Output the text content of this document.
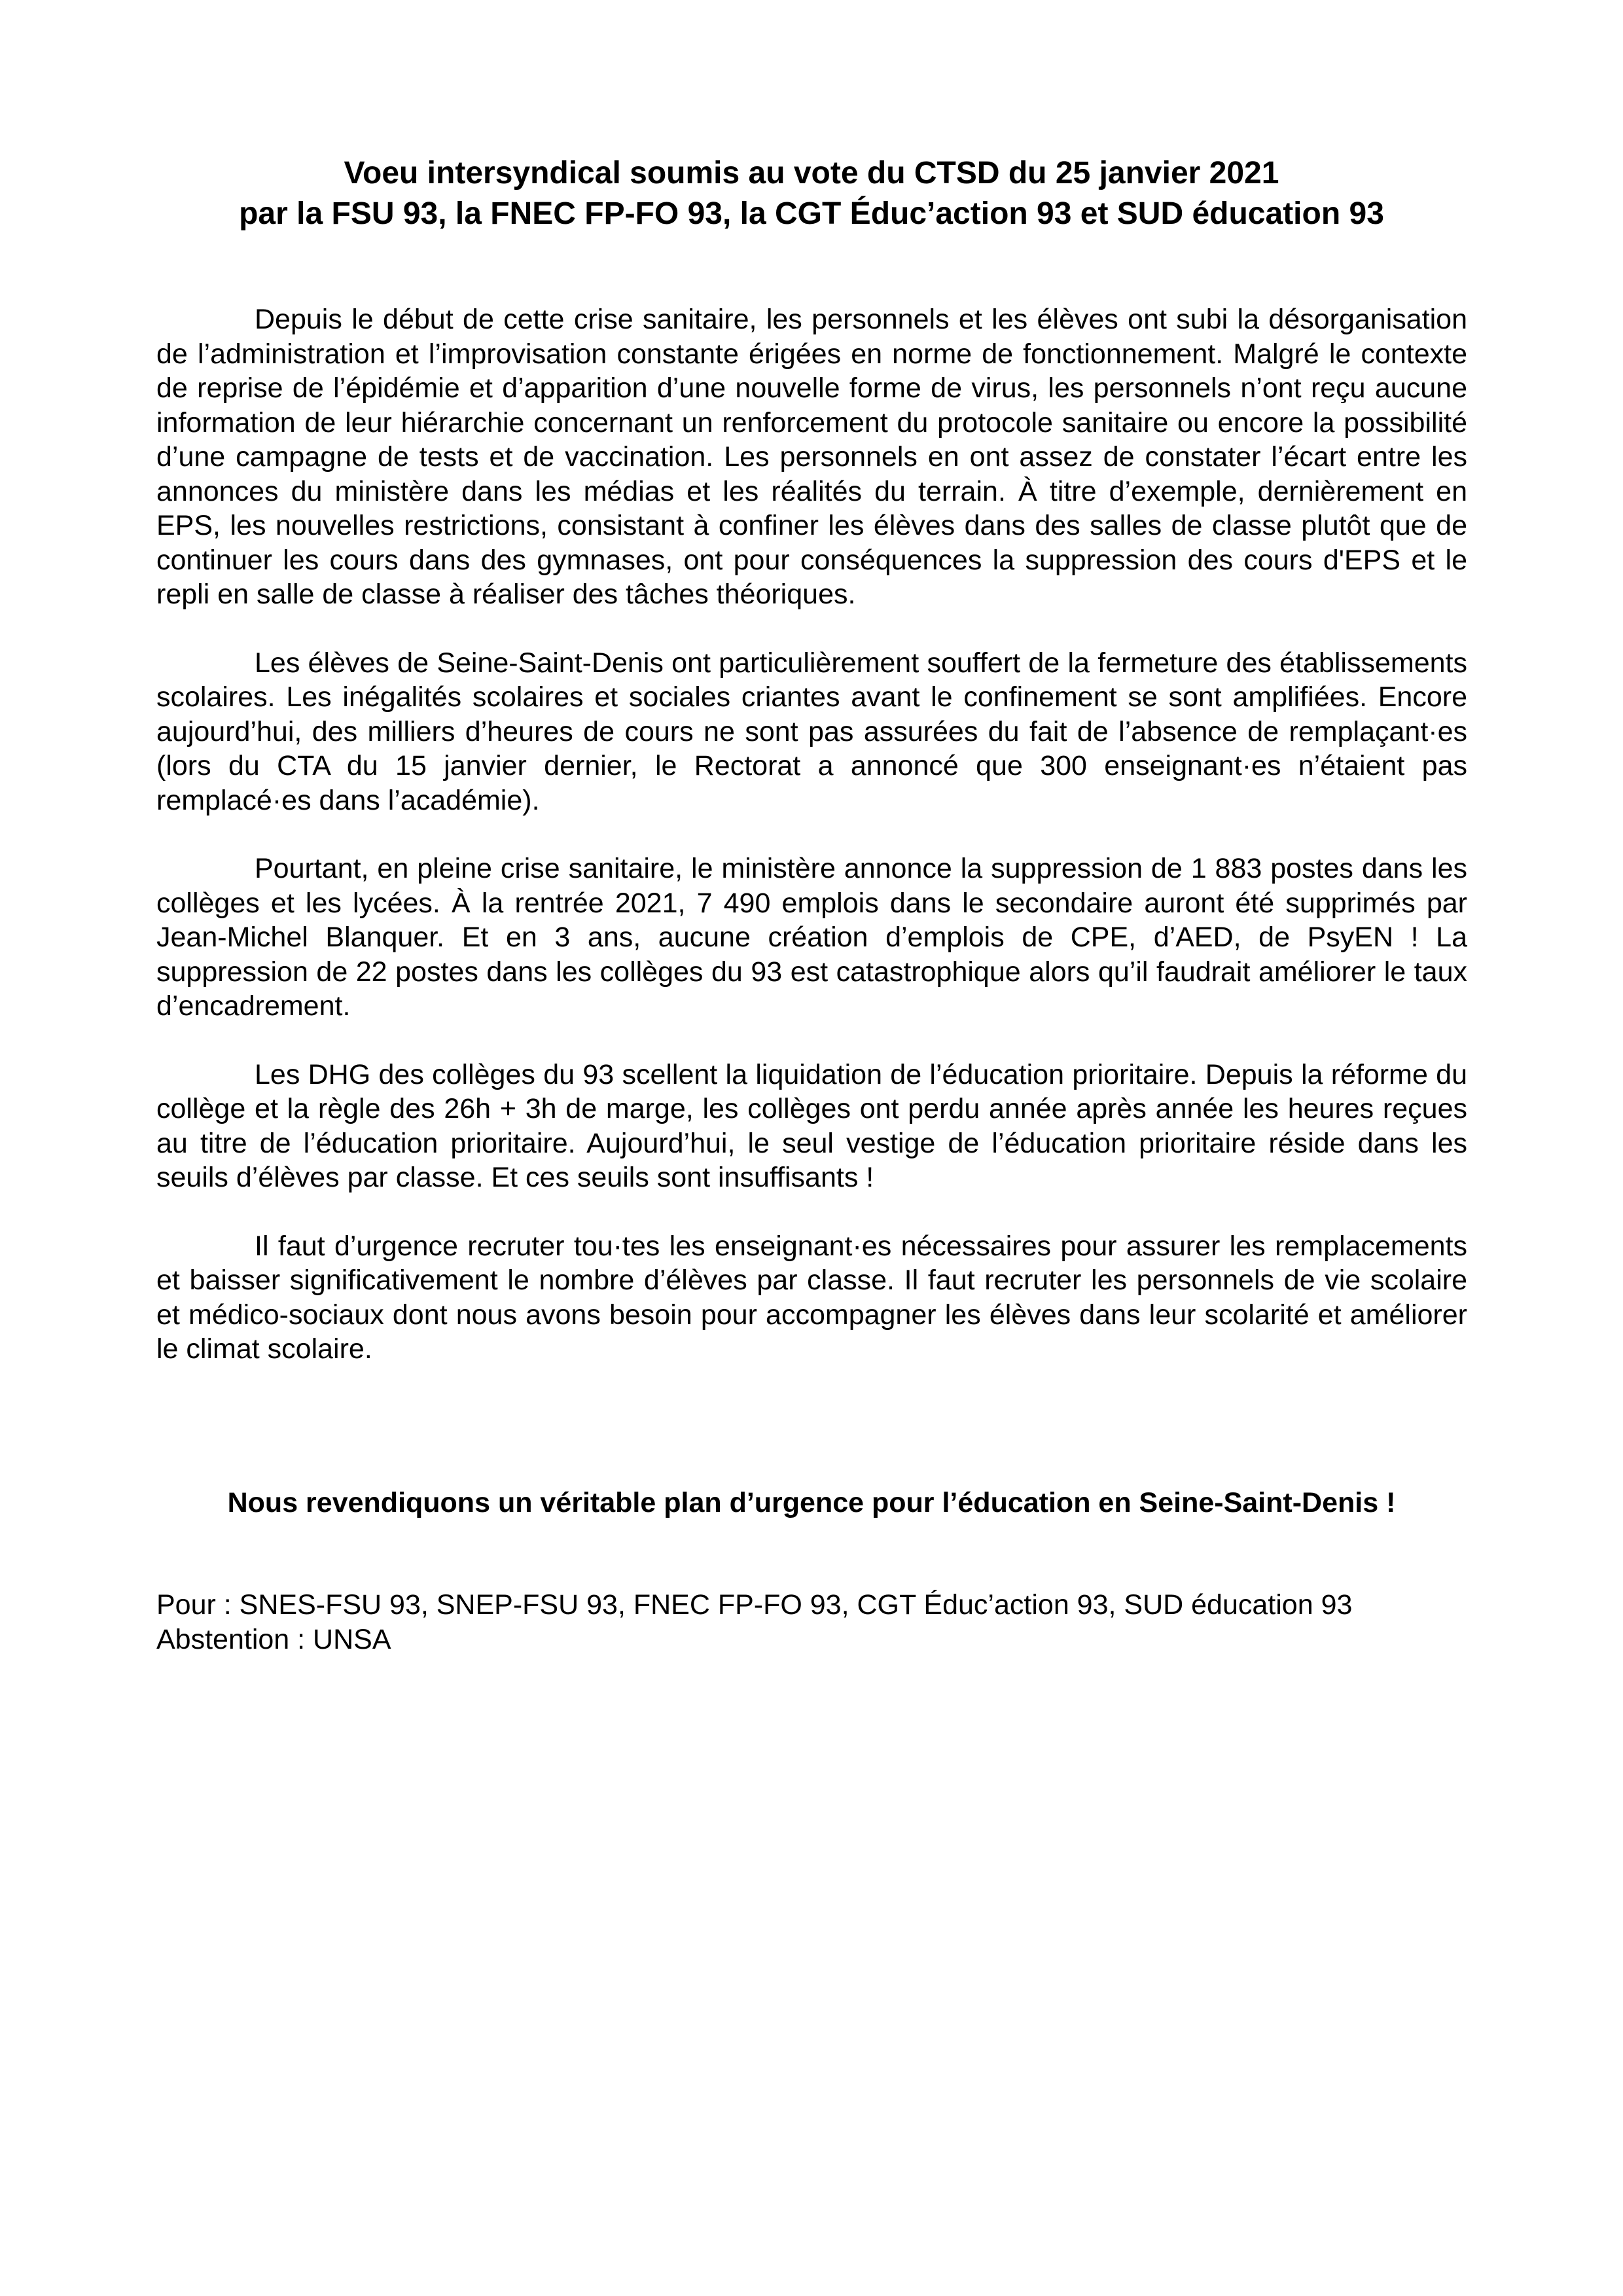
Voeu intersyndical soumis au vote du CTSD du 25 janvier 2021
par la FSU 93, la FNEC FP-FO 93, la CGT Éduc’action 93 et SUD éducation 93

Depuis le début de cette crise sanitaire, les personnels et les élèves ont subi la désorganisation de l’administration et l’improvisation constante érigées en norme de fonctionnement. Malgré le contexte de reprise de l’épidémie et d’apparition d’une nouvelle forme de virus, les personnels n’ont reçu aucune information de leur hiérarchie concernant un renforcement du protocole sanitaire ou encore la possibilité d’une campagne de tests et de vaccination. Les personnels en ont assez de constater l’écart entre les annonces du ministère dans les médias et les réalités du terrain. À titre d’exemple, dernièrement en EPS, les nouvelles restrictions, consistant à confiner les élèves dans des salles de classe plutôt que de continuer les cours dans des gymnases, ont pour conséquences la suppression des cours d'EPS et le repli en salle de classe à réaliser des tâches théoriques.

Les élèves de Seine-Saint-Denis ont particulièrement souffert de la fermeture des établissements scolaires. Les inégalités scolaires et sociales criantes avant le confinement se sont amplifiées. Encore aujourd’hui, des milliers d’heures de cours ne sont pas assurées du fait de l’absence de remplaçant·es (lors du CTA du 15 janvier dernier, le Rectorat a annoncé que 300 enseignant·es n’étaient pas remplacé·es dans l’académie).

Pourtant, en pleine crise sanitaire, le ministère annonce la suppression de 1 883 postes dans les collèges et les lycées. À la rentrée 2021, 7 490 emplois dans le secondaire auront été supprimés par Jean-Michel Blanquer. Et en 3 ans, aucune création d’emplois de CPE, d’AED, de PsyEN ! La suppression de 22 postes dans les collèges du 93 est catastrophique alors qu’il faudrait améliorer le taux d’encadrement.

Les DHG des collèges du 93 scellent la liquidation de l’éducation prioritaire. Depuis la réforme du collège et la règle des 26h + 3h de marge, les collèges ont perdu année après année les heures reçues au titre de l’éducation prioritaire. Aujourd’hui, le seul vestige de l’éducation prioritaire réside dans les seuils d’élèves par classe. Et ces seuils sont insuffisants !

Il faut d’urgence recruter tou·tes les enseignant·es nécessaires pour assurer les remplacements et baisser significativement le nombre d’élèves par classe. Il faut recruter les personnels de vie scolaire et médico-sociaux dont nous avons besoin pour accompagner les élèves dans leur scolarité et améliorer le climat scolaire.

Nous revendiquons un véritable plan d’urgence pour l’éducation en Seine-Saint-Denis !
Pour : SNES-FSU 93, SNEP-FSU 93, FNEC FP-FO 93, CGT Éduc’action 93, SUD éducation 93
Abstention : UNSA
